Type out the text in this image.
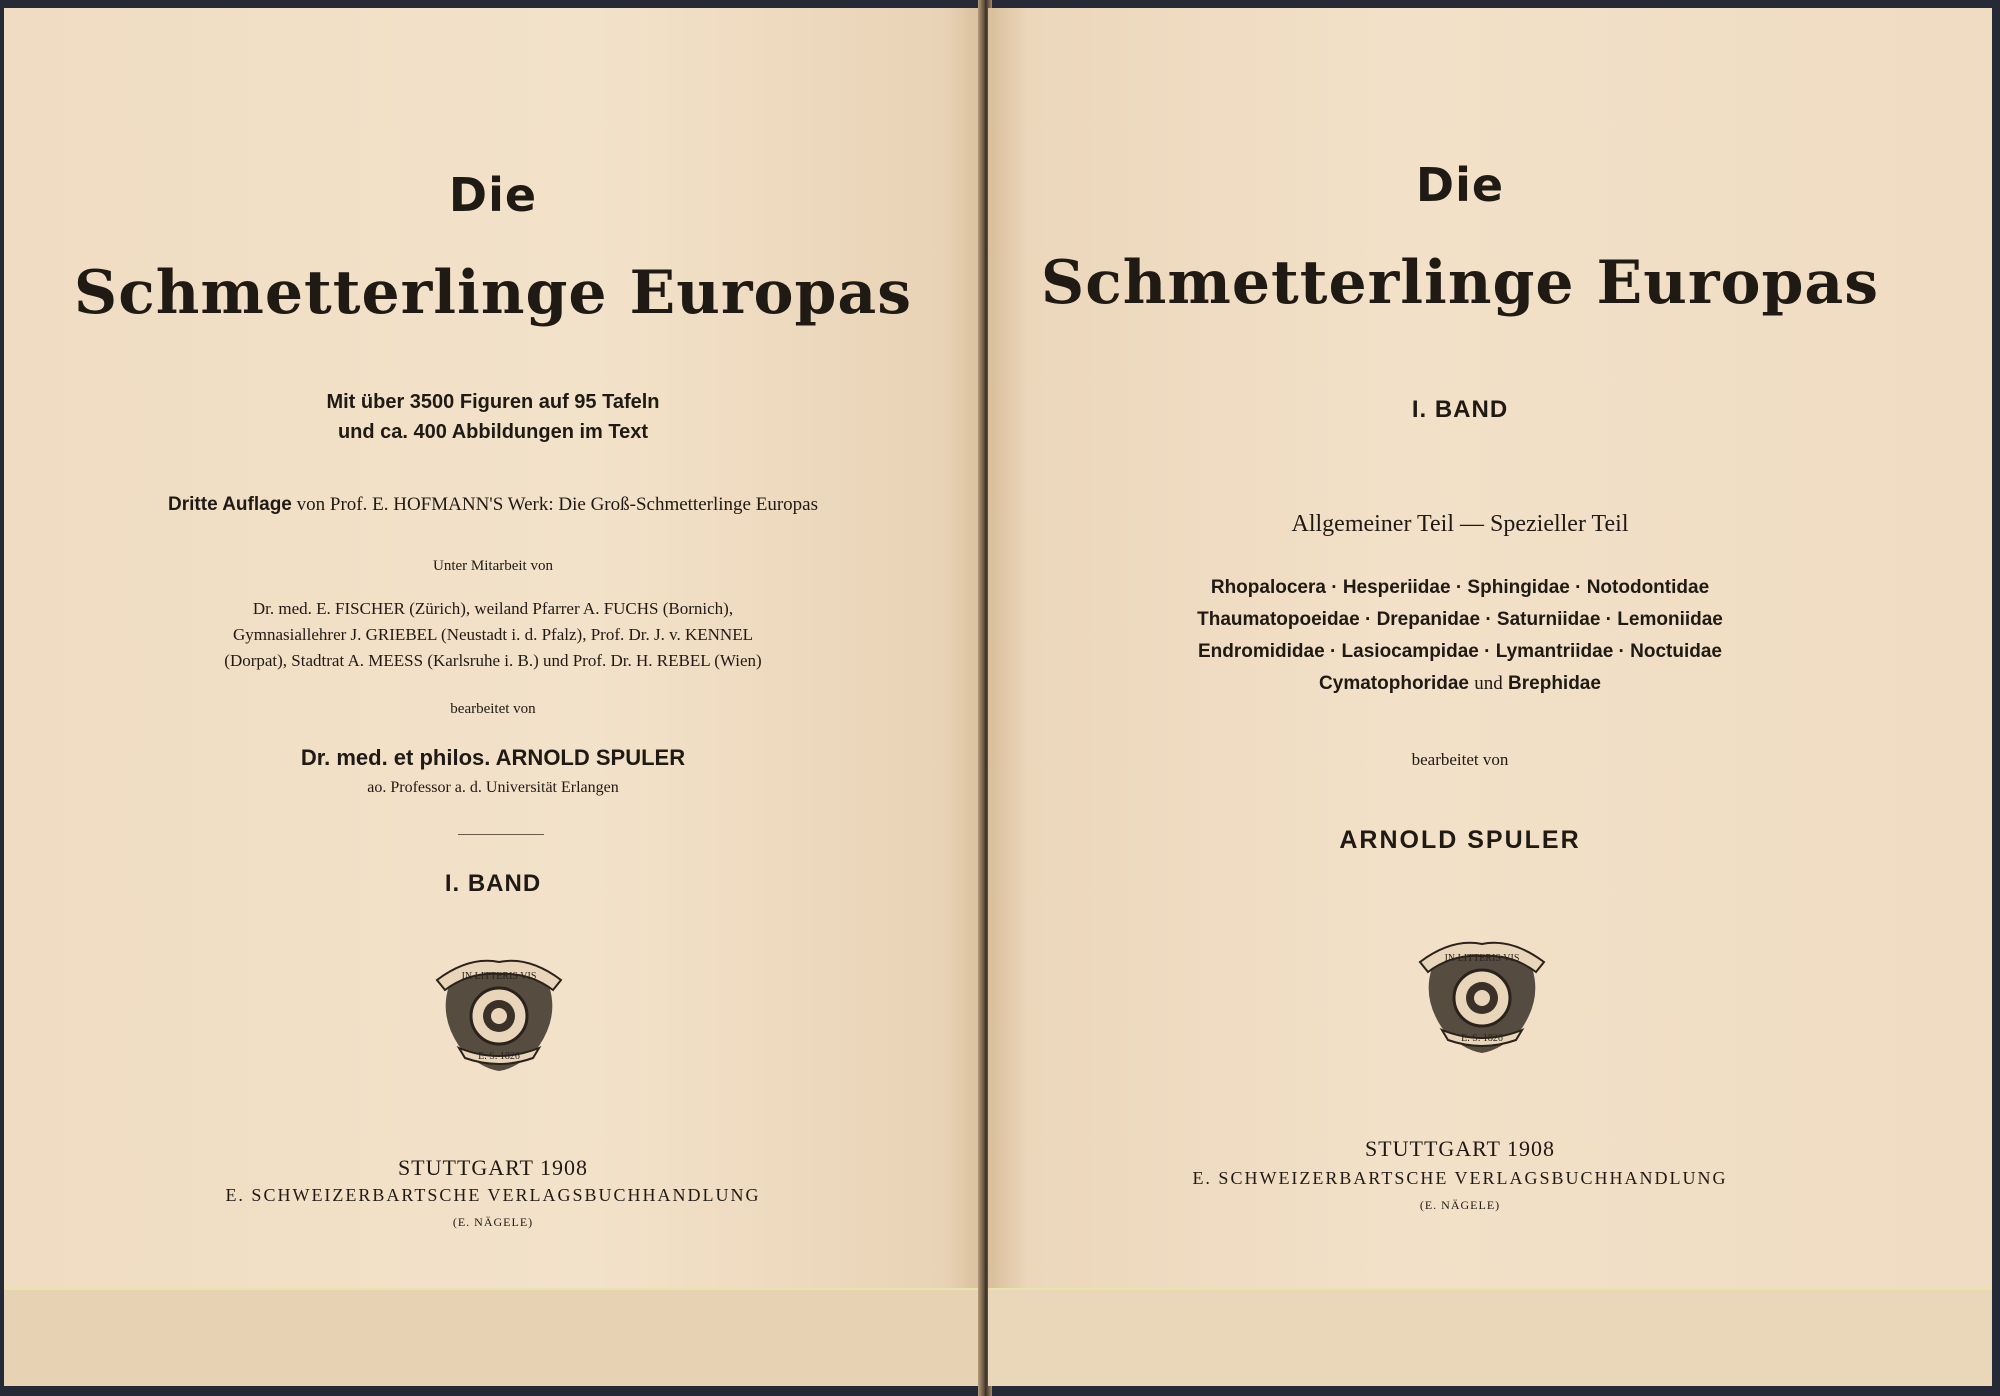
Die
Schmetterlinge Europas
Mit über 3500 Figuren auf 95 Tafeln
und ca. 400 Abbildungen im Text
Dritte Auflage von Prof. E. HOFMANN'S Werk: Die Groß-Schmetterlinge Europas
Unter Mitarbeit von
Dr. med. E. FISCHER (Zürich), weiland Pfarrer A. FUCHS (Bornich),
Gymnasiallehrer J. GRIEBEL (Neustadt i. d. Pfalz), Prof. Dr. J. v. KENNEL
(Dorpat), Stadtrat A. MEESS (Karlsruhe i. B.) und Prof. Dr. H. REBEL (Wien)
bearbeitet von
Dr. med. et philos. ARNOLD SPULER
ao. Professor a. d. Universität Erlangen
I. BAND
IN LITTERIS VIS
E. S. 1826
STUTTGART 1908
E. SCHWEIZERBARTSCHE VERLAGSBUCHHANDLUNG
(E. NÄGELE)
Die
Schmetterlinge Europas
I. BAND
Allgemeiner Teil — Spezieller Teil
Rhopalocera · Hesperiidae · Sphingidae · Notodontidae
Thaumatopoeidae · Drepanidae · Saturniidae · Lemoniidae
Endromididae · Lasiocampidae · Lymantriidae · Noctuidae
Cymatophoridae und Brephidae
bearbeitet von
ARNOLD SPULER
IN LITTERIS VIS
E. S. 1826
STUTTGART 1908
E. SCHWEIZERBARTSCHE VERLAGSBUCHHANDLUNG
(E. NÄGELE)
